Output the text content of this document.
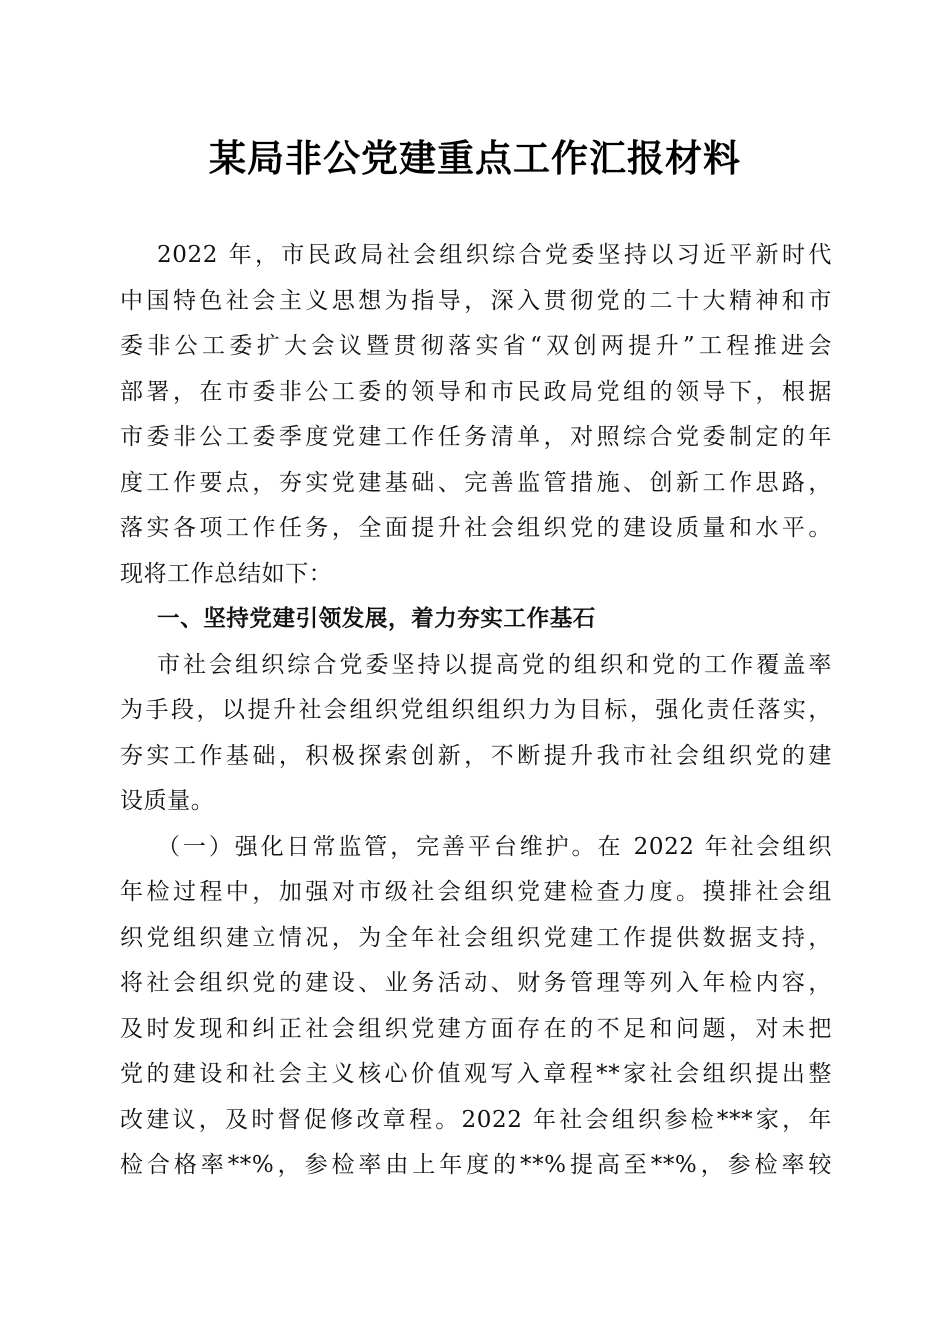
某局非公党建重点工作汇报材料
2022 年，市民政局社会组织综合党委坚持以习近平新时代
中国特色社会主义思想为指导，深入贯彻党的二十大精神和市
委非公工委扩大会议暨贯彻落实省“双创两提升”工程推进会
部署，在市委非公工委的领导和市民政局党组的领导下，根据
市委非公工委季度党建工作任务清单，对照综合党委制定的年
度工作要点，夯实党建基础、完善监管措施、创新工作思路，
落实各项工作任务，全面提升社会组织党的建设质量和水平。
现将工作总结如下：
一、坚持党建引领发展，着力夯实工作基石
市社会组织综合党委坚持以提高党的组织和党的工作覆盖率
为手段，以提升社会组织党组织组织力为目标，强化责任落实，
夯实工作基础，积极探索创新，不断提升我市社会组织党的建
设质量。
（一）强化日常监管，完善平台维护。在 2022 年社会组织
年检过程中，加强对市级社会组织党建检查力度。摸排社会组
织党组织建立情况，为全年社会组织党建工作提供数据支持，
将社会组织党的建设、业务活动、财务管理等列入年检内容，
及时发现和纠正社会组织党建方面存在的不足和问题，对未把
党的建设和社会主义核心价值观写入章程**家社会组织提出整
改建议，及时督促修改章程。2022 年社会组织参检***家，年
检合格率**%，参检率由上年度的**%提高至**%，参检率较
